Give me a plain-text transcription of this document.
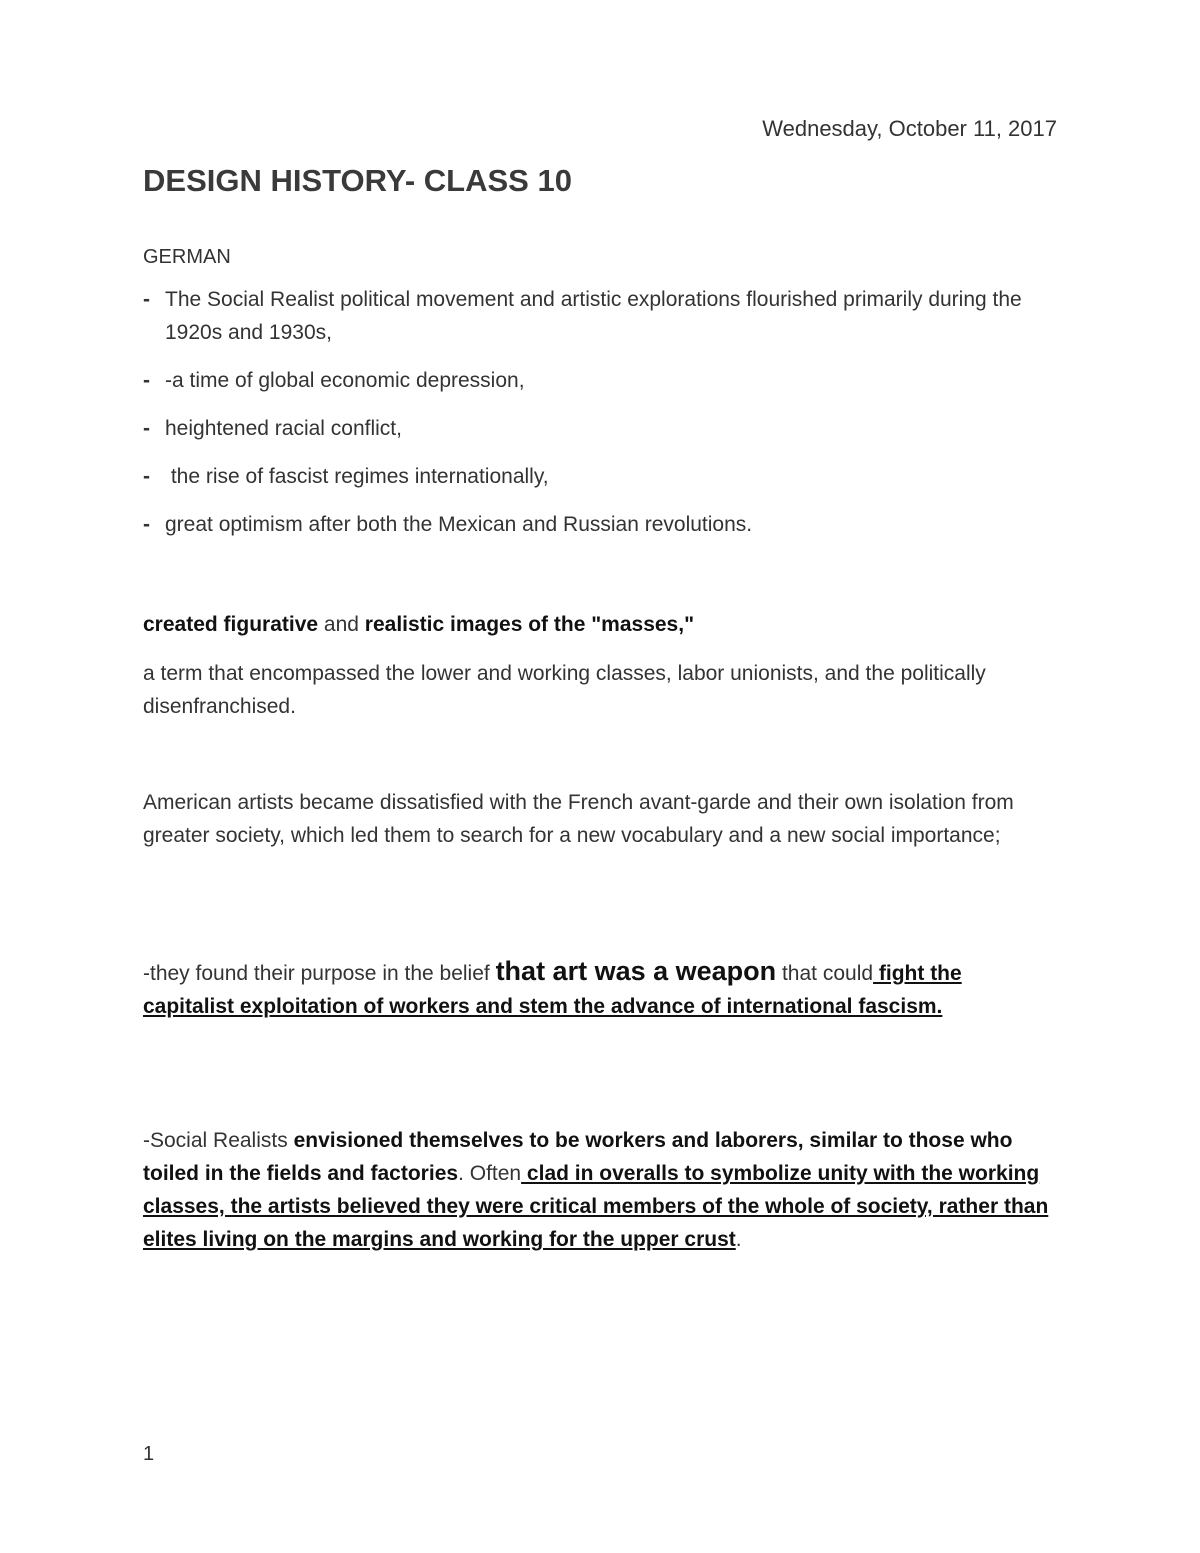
Wednesday, October 11, 2017
DESIGN HISTORY- CLASS 10
GERMAN
- The Social Realist political movement and artistic explorations flourished primarily during the 1920s and 1930s,
- -a time of global economic depression,
- heightened racial conflict,
- the rise of fascist regimes internationally,
- great optimism after both the Mexican and Russian revolutions.

created figurative and realistic images of the "masses,"

a term that encompassed the lower and working classes, labor unionists, and the politically disenfranchised.

American artists became dissatisfied with the French avant-garde and their own isolation from greater society, which led them to search for a new vocabulary and a new social importance;

-they found their purpose in the belief that art was a weapon that could fight the capitalist exploitation of workers and stem the advance of international fascism.

-Social Realists envisioned themselves to be workers and laborers, similar to those who toiled in the fields and factories. Often clad in overalls to symbolize unity with the working classes, the artists believed they were critical members of the whole of society, rather than elites living on the margins and working for the upper crust.

1
